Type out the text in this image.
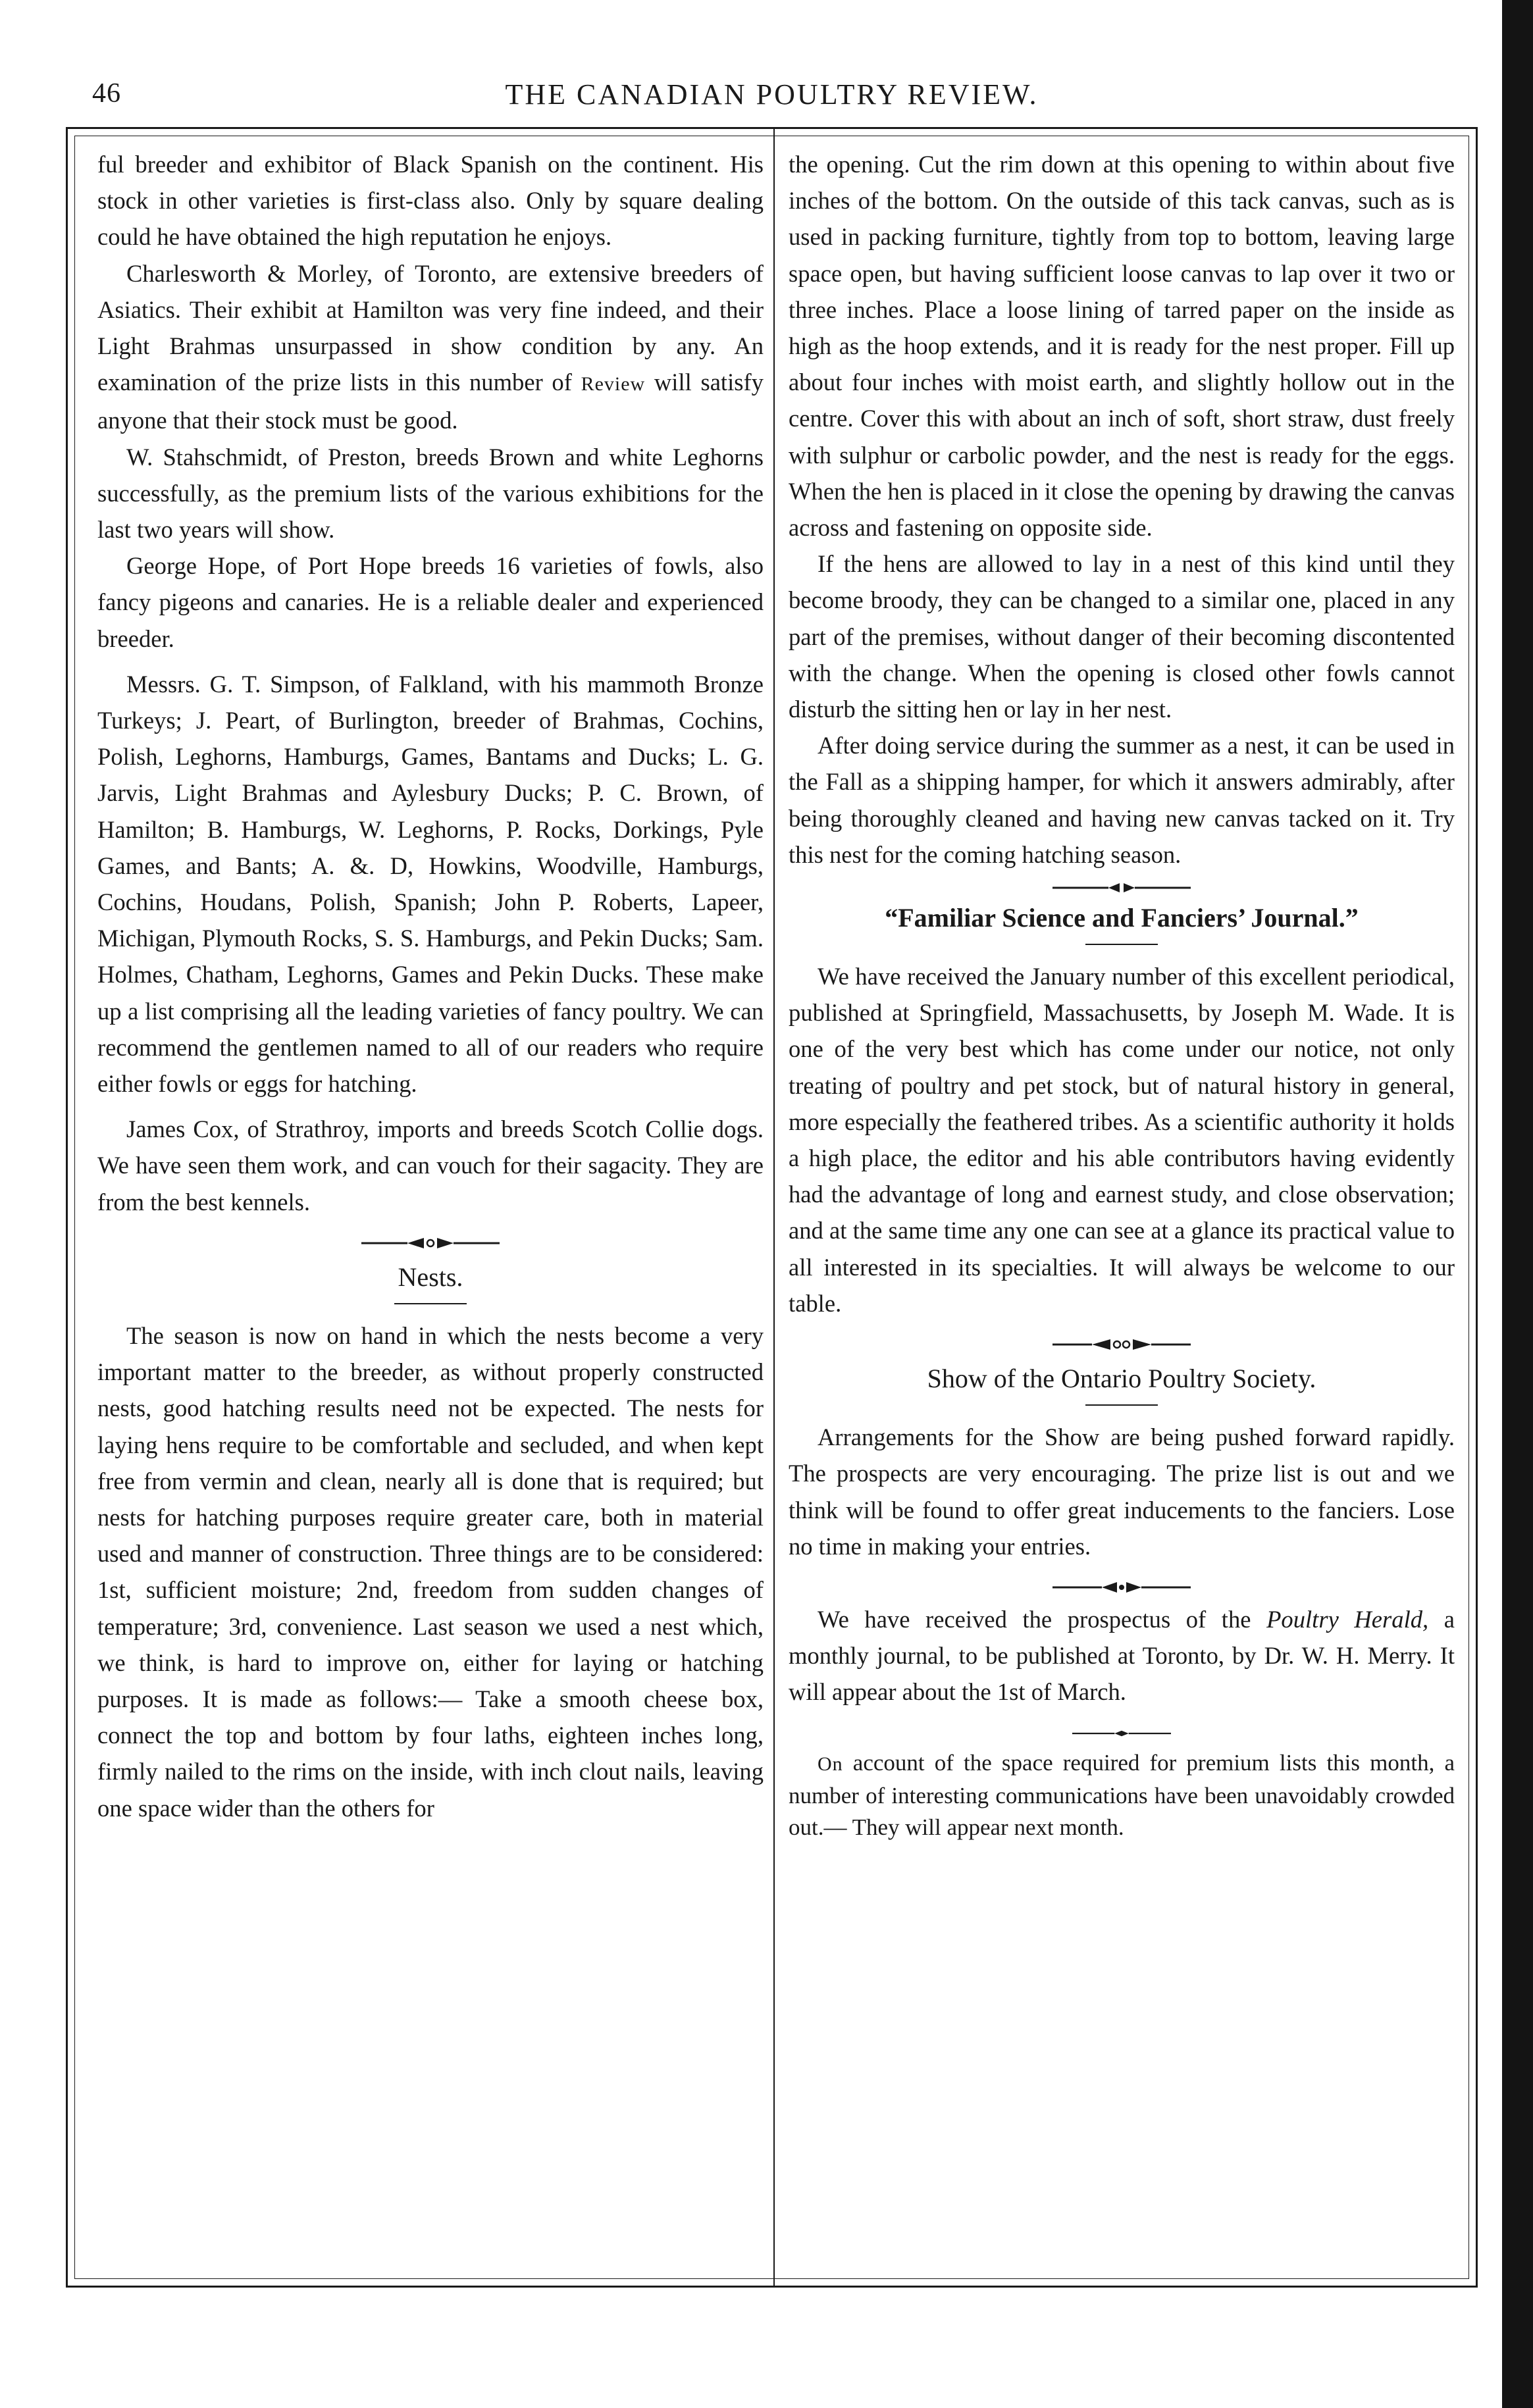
46	THE CANADIAN POULTRY REVIEW.

ful breeder and exhibitor of Black Spanish on the continent. His stock in other varieties is first-class also. Only by square dealing could he have obtained the high reputation he enjoys.

Charlesworth & Morley, of Toronto, are extensive breeders of Asiatics. Their exhibit at Hamilton was very fine indeed, and their Light Brahmas unsurpassed in show condition by any. An examination of the prize lists in this number of Review will satisfy anyone that their stock must be good.

W. Stahschmidt, of Preston, breeds Brown and white Leghorns successfully, as the premium lists of the various exhibitions for the last two years will show.

George Hope, of Port Hope breeds 16 varieties of fowls, also fancy pigeons and canaries. He is a reliable dealer and experienced breeder.

Messrs. G. T. Simpson, of Falkland, with his mammoth Bronze Turkeys; J. Peart, of Burlington, breeder of Brahmas, Cochins, Polish, Leghorns, Hamburgs, Games, Bantams and Ducks; L. G. Jarvis, Light Brahmas and Aylesbury Ducks; P. C. Brown, of Hamilton; B. Hamburgs, W. Leghorns, P. Rocks, Dorkings, Pyle Games, and Bants; A. &. D, Howkins, Woodville, Hamburgs, Cochins, Houdans, Polish, Spanish; John P. Roberts, Lapeer, Michigan, Plymouth Rocks, S. S. Hamburgs, and Pekin Ducks; Sam. Holmes, Chatham, Leghorns, Games and Pekin Ducks. These make up a list comprising all the leading varieties of fancy poultry. We can recommend the gentlemen named to all of our readers who require either fowls or eggs for hatching.

James Cox, of Strathroy, imports and breeds Scotch Collie dogs. We have seen them work, and can vouch for their sagacity. They are from the best kennels.

Nests.

The season is now on hand in which the nests become a very important matter to the breeder, as without properly constructed nests, good hatching results need not be expected. The nests for laying hens require to be comfortable and secluded, and when kept free from vermin and clean, nearly all is done that is required; but nests for hatching purposes require greater care, both in material used and manner of construction. Three things are to be considered: 1st, sufficient moisture; 2nd, freedom from sudden changes of temperature; 3rd, convenience. Last season we used a nest which, we think, is hard to improve on, either for laying or hatching purposes. It is made as follows:— Take a smooth cheese box, connect the top and bottom by four laths, eighteen inches long, firmly nailed to the rims on the inside, with inch clout nails, leaving one space wider than the others for

the opening. Cut the rim down at this opening to within about five inches of the bottom. On the outside of this tack canvas, such as is used in packing furniture, tightly from top to bottom, leaving large space open, but having sufficient loose canvas to lap over it two or three inches. Place a loose lining of tarred paper on the inside as high as the hoop extends, and it is ready for the nest proper. Fill up about four inches with moist earth, and slightly hollow out in the centre. Cover this with about an inch of soft, short straw, dust freely with sulphur or carbolic powder, and the nest is ready for the eggs. When the hen is placed in it close the opening by drawing the canvas across and fastening on opposite side.

If the hens are allowed to lay in a nest of this kind until they become broody, they can be changed to a similar one, placed in any part of the premises, without danger of their becoming discontented with the change. When the opening is closed other fowls cannot disturb the sitting hen or lay in her nest.

After doing service during the summer as a nest, it can be used in the Fall as a shipping hamper, for which it answers admirably, after being thoroughly cleaned and having new canvas tacked on it. Try this nest for the coming hatching season.

“Familiar Science and Fanciers’ Journal.”

We have received the January number of this excellent periodical, published at Springfield, Massachusetts, by Joseph M. Wade. It is one of the very best which has come under our notice, not only treating of poultry and pet stock, but of natural history in general, more especially the feathered tribes. As a scientific authority it holds a high place, the editor and his able contributors having evidently had the advantage of long and earnest study, and close observation; and at the same time any one can see at a glance its practical value to all interested in its specialties. It will always be welcome to our table.

Show of the Ontario Poultry Society.

Arrangements for the Show are being pushed forward rapidly. The prospects are very encouraging. The prize list is out and we think will be found to offer great inducements to the fanciers. Lose no time in making your entries.

We have received the prospectus of the Poultry Herald, a monthly journal, to be published at Toronto, by Dr. W. H. Merry. It will appear about the 1st of March.

On account of the space required for premium lists this month, a number of interesting communications have been unavoidably crowded out.— They will appear next month.
